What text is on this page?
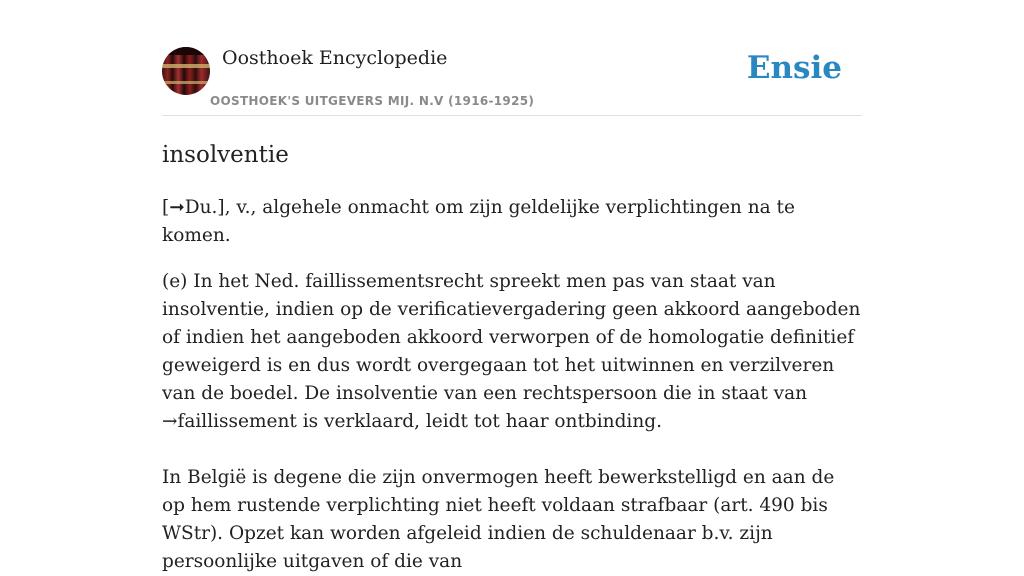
Oosthoek Encyclopedie
OOSTHOEK'S UITGEVERS MIJ. N.V (1916-1925)
Ensie
insolventie

[➞Du.], v., algehele onmacht om zijn geldelijke verplichtingen na te komen.

(e) In het Ned. faillissementsrecht spreekt men pas van staat van insolventie, indien op de verificatievergadering geen akkoord aangeboden of indien het aangeboden akkoord verworpen of de homologatie definitief geweigerd is en dus wordt overgegaan tot het uitwinnen en verzilveren van de boedel. De insolventie van een rechtspersoon die in staat van →faillissement is verklaard, leidt tot haar ontbinding.

In België is degene die zijn onvermogen heeft bewerkstelligd en aan de op hem rustende verplichting niet heeft voldaan strafbaar (art. 490 bis WStr). Opzet kan worden afgeleid indien de schuldenaar b.v. zijn persoonlijke uitgaven of die van
